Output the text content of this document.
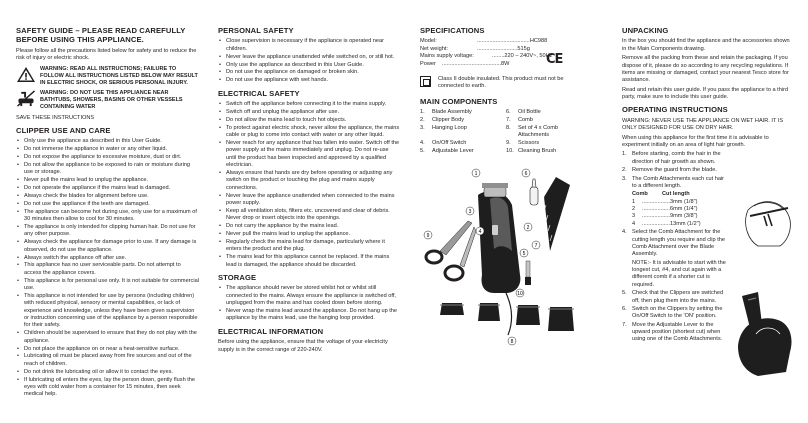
SAFETY GUIDE – PLEASE READ CAREFULLY BEFORE USING THIS APPLIANCE.

Please follow all the precautions listed below for safety and to reduce the risk of injury or electric shock.

WARNING: READ ALL INSTRUCTIONS; FAILURE TO FOLLOW ALL INSTRUCTIONS LISTED BELOW MAY RESULT IN ELECTRIC SHOCK, OR SERIOUS PERSONAL INJURY.
WARNING: DO NOT USE THIS APPLIANCE NEAR BATHTUBS, SHOWERS, BASINS OR OTHER VESSELS CONTAINING WATER

SAVE THESE INSTRUCTIONS

CLIPPER USE AND CARE
• Only use the appliance as described in this User Guide.
• Do not immerse the appliance in water or any other liquid.
• Do not expose the appliance to excessive moisture, dust or dirt.
• Do not allow the appliance to be exposed to rain or moisture during use or storage.
• Never pull the mains lead to unplug the appliance.
• Do not operate the appliance if the mains lead is damaged.
• Always check the blades for alignment before use.
• Do not use the appliance if the teeth are damaged.
• The appliance can become hot during use, only use for a maximum of 30 minutes then allow to cool for 30 minutes.
• The appliance is only intended for clipping human hair. Do not use for any other purpose.
• Always check the appliance for damage prior to use. If any damage is observed, do not use the appliance.
• Always switch the appliance off after use.
• This appliance has no user serviceable parts. Do not attempt to access the appliance covers.
• This appliance is for personal use only. It is not suitable for commercial use.
• This appliance is not intended for use by persons (including children) with reduced physical, sensory or mental capabilities, or lack of experience and knowledge, unless they have been given supervision or instruction concerning use of the appliance by a person responsible for their safety.
• Children should be supervised to ensure that they do not play with the appliance.
• Do not place the appliance on or near a heat-sensitive surface.
• Lubricating oil must be placed away from fire sources and out of the reach of children.
• Do not drink the lubricating oil or allow it to contact the eyes.
• If lubricating oil enters the eyes, lay the person down, gently flush the eyes with cold water from a container for 15 minutes, then seek medical help.
PERSONAL SAFETY
• Close supervision is necessary if the appliance is operated near children.
• Never leave the appliance unattended while switched on, or still hot.
• Only use the appliance as described in this User Guide.
• Do not use the appliance on damaged or broken skin.
• Do not use the appliance with wet hands.
ELECTRICAL SAFETY
• Switch off the appliance before connecting it to the mains supply.
• Switch off and unplug the appliance after use.
• Do not allow the mains lead to touch hot objects.
• To protect against electric shock, never allow the appliance, the mains cable or plug to come into contact with water or any other liquid.
• Never reach for any appliance that has fallen into water. Switch off the power supply at the mains immediately and unplug. Do not re-use until the product has been inspected and approved by a qualified electrician.
• Always ensure that hands are dry before operating or adjusting any switch on the product or touching the plug and mains supply connections.
• Never leave the appliance unattended when connected to the mains power supply.
• Keep all ventilation slots, filters etc. uncovered and clear of debris. Never drop or insert objects into the openings.
• Do not carry the appliance by the mains lead.
• Never pull the mains lead to unplug the appliance.
• Regularly check the mains lead for damage, particularly where it enters the product and the plug.
• The mains lead for this appliance cannot be replaced. If the mains lead is damaged, the appliance should be discarded.
STORAGE
• The appliance should never be stored whilst hot or whilst still connected to the mains. Always ensure the appliance is switched off, unplugged from the mains and has cooled down before storing.
• Never wrap the mains lead around the appliance. Do not hang up the appliance by the mains lead, use the hanging loop provided.
ELECTRICAL INFORMATION

Before using the appliance, ensure that the voltage of your electricity supply is in the correct range of 220-240V.

SPECIFICATIONS
Model:	..................................HC988
Net weight:	..........................515g
Mains supply voltage:	........220 – 240V~, 50Hz
Power	......................................8W

Class II double insulated. This product must not be connected to earth.

MAIN COMPONENTS
1.	Blade Assembly	6.	Oil Bottle
2.	Clipper Body	7.	Comb
3.	Hanging Loop	8.	Set of 4 x Comb Attachments
4.	On/Off Switch	9.	Scissors
5.	Adjustable Lever	10. Cleaning Brush
CE
1
2
3
4
5
6
7
8
9
10
UNPACKING

In the box you should find the appliance and the accessories shown in the Main Components drawing.

Remove all the packing from these and retain the packaging. If you dispose of it, please do so according to any recycling regulations. If items are missing or damaged, contact your nearest Tesco store for assistance.

Read and retain this user guide. If you pass the appliance to a third party, make sure to include this user guide.

OPERATING INSTRUCTIONS

WARNING: NEVER USE THE APPLIANCE ON WET HAIR. IT IS ONLY DESIGNED FOR USE ON DRY HAIR.

When using this appliance for the first time it is advisable to experiment initially on an area of light hair growth.

1. Before starting, comb the hair in the direction of hair growth as shown.
2. Remove the guard from the blade.
3. The Comb Attachments each cut hair to a different length.
Comb	Cut length
1	..................3mm (1/8")
2	..................6mm (1/4")
3	..................9mm (3/8")
4	..................13mm (1/2")
4. Select the Comb Attachment for the cutting length you require and clip the Comb Attachment over the Blade Assembly.
NOTE:- It is advisable to start with the longest cut, #4, and cut again with a different comb if a shorter cut is required.
5. Check that the Clippers are switched off, then plug them into the mains.
6. Switch on the Clippers by setting the On/Off Switch to the 'ON' position.
7. Move the Adjustable Lever to the upward position (shortest cut) when using one of the Comb Attachments.
